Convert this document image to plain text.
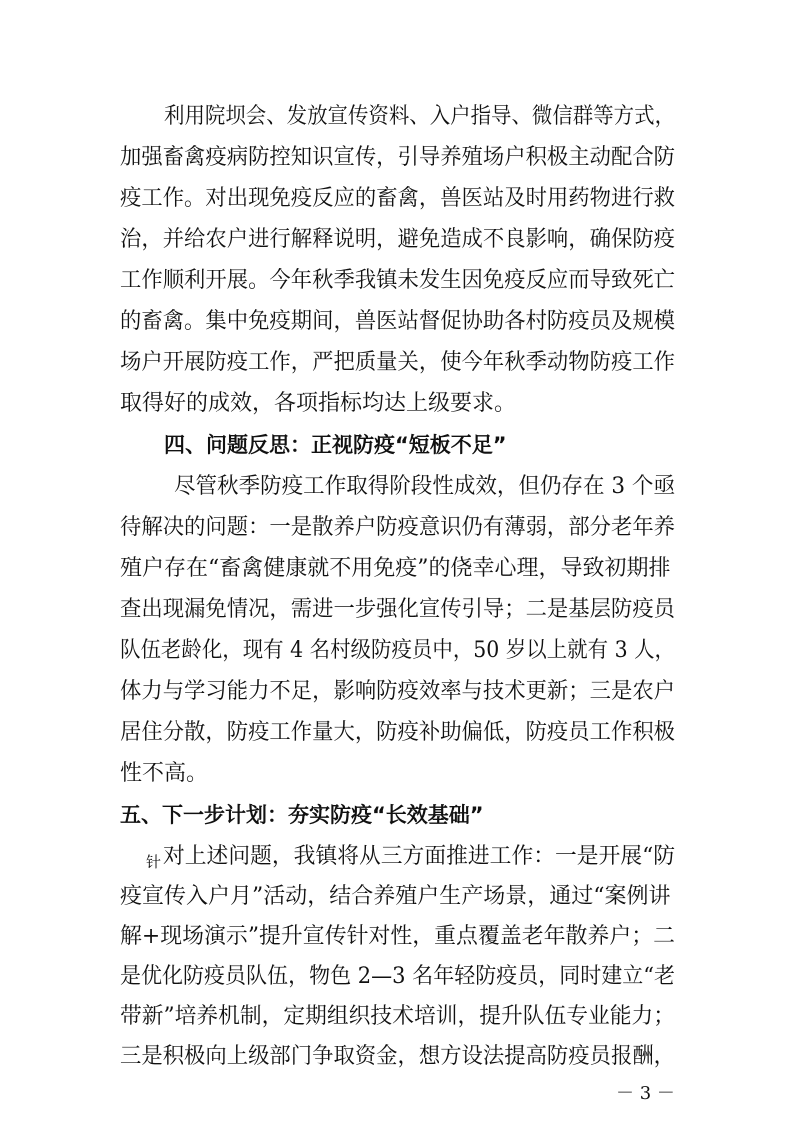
利用院坝会、发放宣传资料、入户指导、微信群等方式，
加强畜禽疫病防控知识宣传，引导养殖场户积极主动配合防
疫工作。对出现免疫反应的畜禽，兽医站及时用药物进行救
治，并给农户进行解释说明，避免造成不良影响，确保防疫
工作顺利开展。今年秋季我镇未发生因免疫反应而导致死亡
的畜禽。集中免疫期间，兽医站督促协助各村防疫员及规模
场户开展防疫工作，严把质量关，使今年秋季动物防疫工作
取得好的成效，各项指标均达上级要求。
四、问题反思：正视防疫“短板不足”
尽管秋季防疫工作取得阶段性成效，但仍存在 3 个亟
待解决的问题：一是散养户防疫意识仍有薄弱，部分老年养
殖户存在“畜禽健康就不用免疫”的侥幸心理，导致初期排
查出现漏免情况，需进一步强化宣传引导；二是基层防疫员
队伍老龄化，现有 4 名村级防疫员中，50 岁以上就有 3 人，
体力与学习能力不足，影响防疫效率与技术更新；三是农户
居住分散，防疫工作量大，防疫补助偏低，防疫员工作积极
性不高。
五、下一步计划：夯实防疫“长效基础”
针 对上述问题，我镇将从三方面推进工作：一是开展“防
疫宣传入户月”活动，结合养殖户生产场景，通过“案例讲
解+现场演示”提升宣传针对性，重点覆盖老年散养户；二
是优化防疫员队伍，物色 2—3 名年轻防疫员，同时建立“老
带新”培养机制，定期组织技术培训，提升队伍专业能力；
三是积极向上级部门争取资金，想方设法提高防疫员报酬，
－ 3 －
